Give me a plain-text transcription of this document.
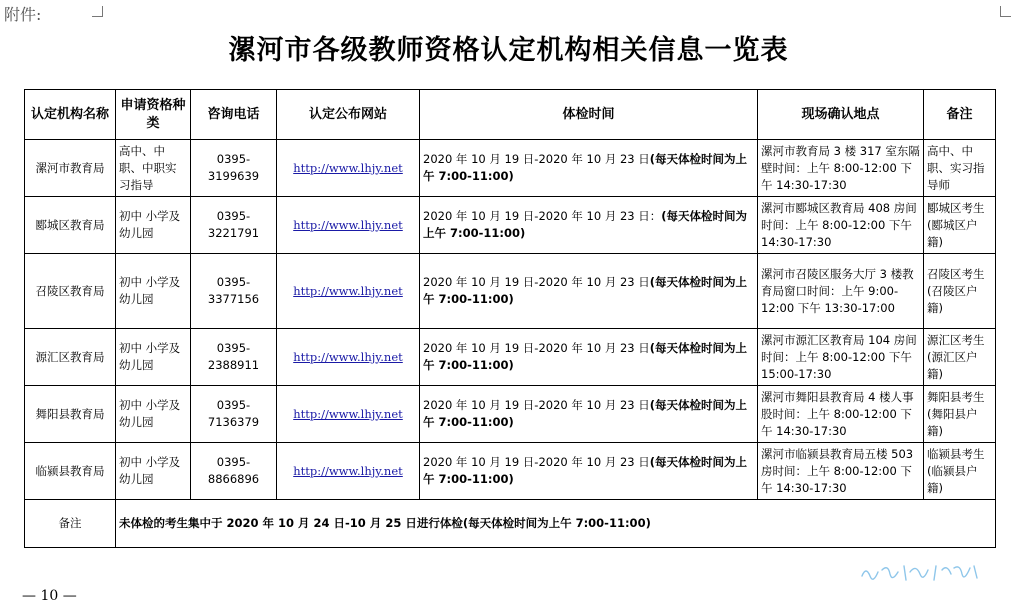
附件:
漯河市各级教师资格认定机构相关信息一览表
认定机构名称	申请资格种类	咨询电话	认定公布网站	体检时间	现场确认地点	备注
漯河市教育局	高中、中职、中职实习指导	0395-3199639	http://www.lhjy.net	2020 年 10 月 19 日-2020 年 10 月 23 日(每天体检时间为上午 7:00-11:00)	漯河市教育局 3 楼 317 室东隔壁时间：上午 8:00-12:00 下午 14:30-17:30	高中、中职、实习指导师
郾城区教育局	初中 小学及幼儿园	0395-3221791	http://www.lhjy.net	2020 年 10 月 19 日-2020 年 10 月 23 日：(每天体检时间为上午 7:00-11:00)	漯河市郾城区教育局 408 房间时间：上午 8:00-12:00 下午 14:30-17:30	郾城区考生(郾城区户籍)
召陵区教育局	初中 小学及幼儿园	0395-3377156	http://www.lhjy.net	2020 年 10 月 19 日-2020 年 10 月 23 日(每天体检时间为上午 7:00-11:00)	漯河市召陵区服务大厅 3 楼教育局窗口时间：上午 9:00-12:00 下午 13:30-17:00	召陵区考生(召陵区户籍)
源汇区教育局	初中 小学及幼儿园	0395-2388911	http://www.lhjy.net	2020 年 10 月 19 日-2020 年 10 月 23 日(每天体检时间为上午 7:00-11:00)	漯河市源汇区教育局 104 房间时间：上午 8:00-12:00 下午 15:00-17:30	源汇区考生(源汇区户籍)
舞阳县教育局	初中 小学及幼儿园	0395-7136379	http://www.lhjy.net	2020 年 10 月 19 日-2020 年 10 月 23 日(每天体检时间为上午 7:00-11:00)	漯河市舞阳县教育局 4 楼人事股时间：上午 8:00-12:00 下午 14:30-17:30	舞阳县考生(舞阳县户籍)
临颍县教育局	初中 小学及幼儿园	0395-8866896	http://www.lhjy.net	2020 年 10 月 19 日-2020 年 10 月 23 日(每天体检时间为上午 7:00-11:00)	漯河市临颍县教育局五楼 503 房时间：上午 8:00-12:00 下午 14:30-17:30	临颍县考生(临颍县户籍)
备注	未体检的考生集中于 2020 年 10 月 24 日-10 月 25 日进行体检(每天体检时间为上午 7:00-11:00)					
— 10 —
